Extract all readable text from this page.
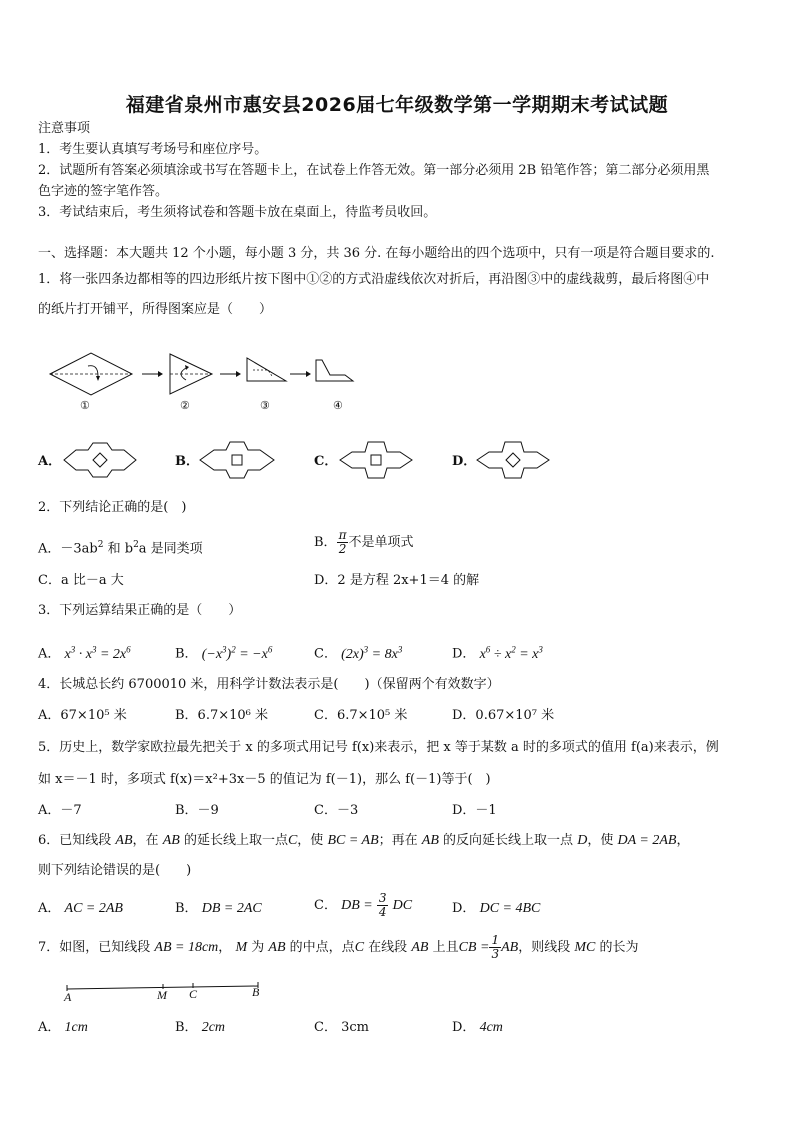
福建省泉州市惠安县2026届七年级数学第一学期期末考试试题
注意事项
1．考生要认真填写考场号和座位序号。
2．试题所有答案必须填涂或书写在答题卡上，在试卷上作答无效。第一部分必须用 2B 铅笔作答；第二部分必须用黑
色字迹的签字笔作答。
3．考试结束后，考生须将试卷和答题卡放在桌面上，待监考员收回。
一、选择题：本大题共 12 个小题，每小题 3 分，共 36 分. 在每小题给出的四个选项中，只有一项是符合题目要求的.
1．将一张四条边都相等的四边形纸片按下图中①②的方式沿虚线依次对折后，再沿图③中的虚线裁剪，最后将图④中
的纸片打开铺平，所得图案应是（　　）
①	②	③	④
A．	B．	C．	D．
2．下列结论正确的是(　)
A．$-3ab^2$ 和 $b^2a$ 是同类项	B． $\frac{\pi}{2}$ 不是单项式
C．a 比－a 大	D．2 是方程 2x+1＝4 的解
3．下列运算结果正确的是（　　）
A． $x^3 \cdot x^3 = 2x^6$	B． $(-x^3)^2 = -x^6$	C． $(2x)^3 = 8x^3$	D． $x^6 \div x^2 = x^3$
4．长城总长约 6700010 米，用科学计数法表示是(　　)（保留两个有效数字）
A．67×10⁵ 米	B．6.7×10⁶ 米	C．6.7×10⁵ 米	D．0.67×10⁷ 米
5．历史上，数学家欧拉最先把关于 x 的多项式用记号 f(x)来表示，把 x 等于某数 a 时的多项式的值用 f(a)来表示，例
如 x＝－1 时，多项式 f(x)＝x²+3x－5 的值记为 f(－1)，那么 f(－1)等于(　)
A．－7	B．－9	C．－3	D．－1
6．已知线段 AB，在 AB 的延长线上取一点C，使 BC = AB；再在 AB 的反向延长线上取一点 D，使 DA = 2AB，
则下列结论错误的是(　　)
A． AC = 2AB	B． DB = 2AC	C． DB = $\frac{3}{4}$ DC	D． DC = 4BC
7．如图，已知线段 AB = 18cm， M 为 AB 的中点，点C 在线段 AB 上且CB = $\frac{1}{3}$ AB，则线段 MC 的长为
A	M C	B
A． 1cm	B． 2cm	C． 3cm	D． 4cm
